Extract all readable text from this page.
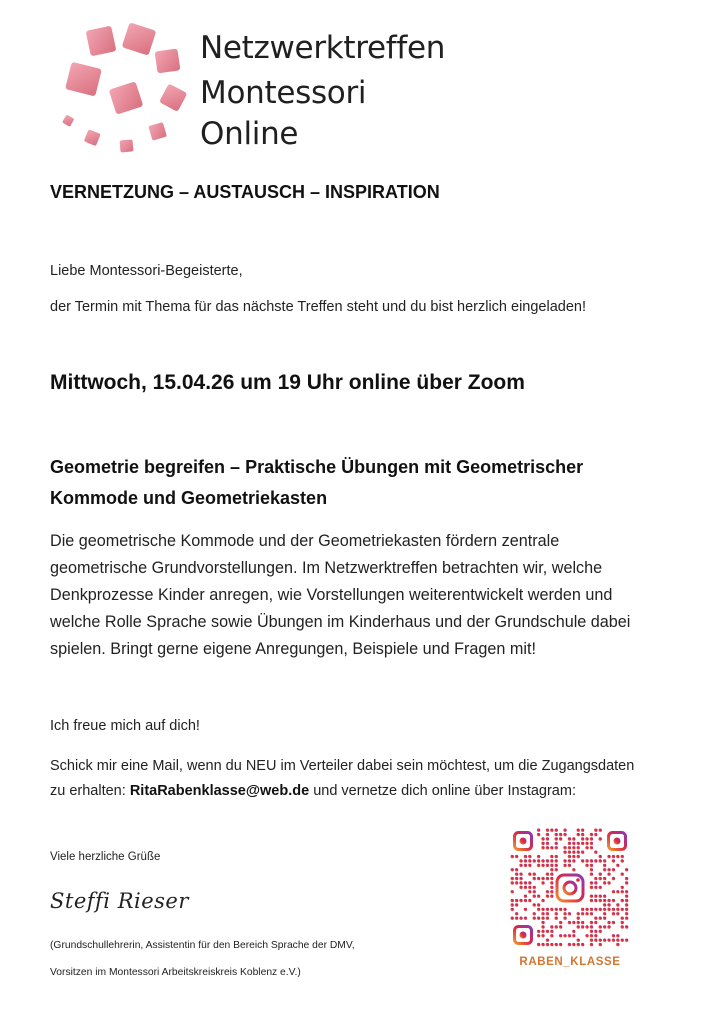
Netzwerktreffen
Montessori
Online
VERNETZUNG – AUSTAUSCH – INSPIRATION
Liebe Montessori-Begeisterte,
der Termin mit Thema für das nächste Treffen steht und du bist herzlich eingeladen!
Mittwoch, 15.04.26 um 19 Uhr online über Zoom
Geometrie begreifen – Praktische Übungen mit Geometrischer
Kommode und Geometriekasten
Die geometrische Kommode und der Geometriekasten fördern zentrale
geometrische Grundvorstellungen. Im Netzwerktreffen betrachten wir, welche
Denkprozesse Kinder anregen, wie Vorstellungen weiterentwickelt werden und
welche Rolle Sprache sowie Übungen im Kinderhaus und der Grundschule dabei
spielen. Bringt gerne eigene Anregungen, Beispiele und Fragen mit!
Ich freue mich auf dich!
Schick mir eine Mail, wenn du NEU im Verteiler dabei sein möchtest, um die Zugangsdaten
zu erhalten: RitaRabenklasse@web.de und vernetze dich online über Instagram:
Viele herzliche Grüße
Steffi Rieser
(Grundschullehrerin, Assistentin für den Bereich Sprache der DMV,
Vorsitzen im Montessori Arbeitskreiskreis Koblenz e.V.)
RABEN_KLASSE
